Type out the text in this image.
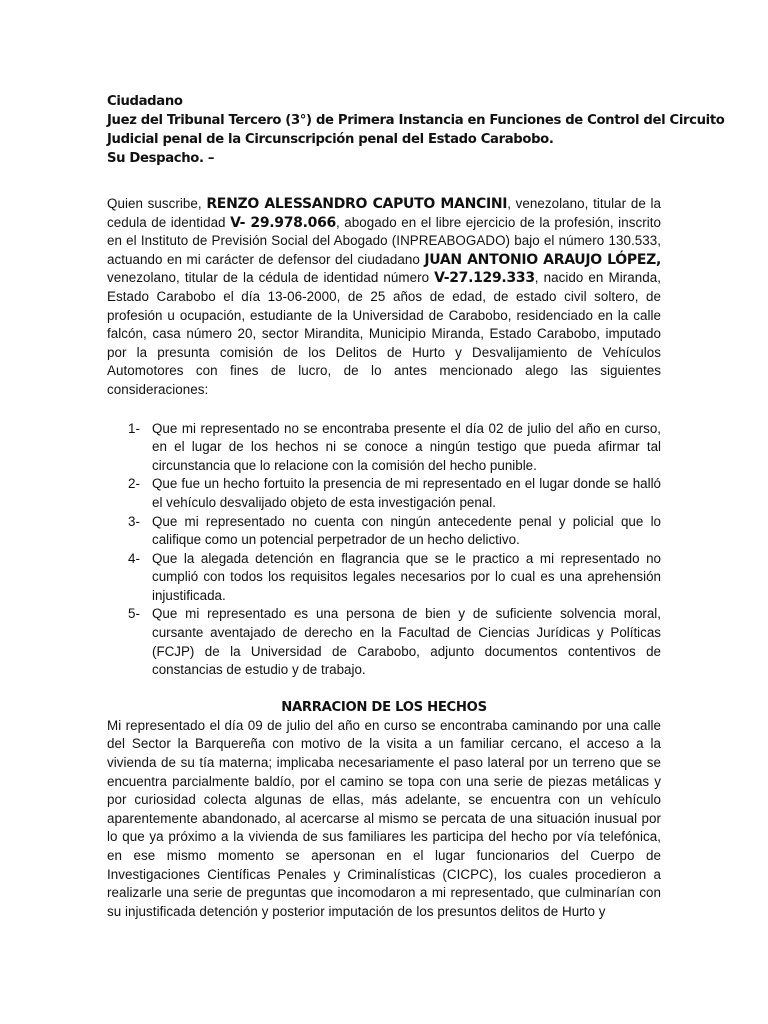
Ciudadano
Juez del Tribunal Tercero (3°) de Primera Instancia en Funciones de Control del Circuito
Judicial penal de la Circunscripción penal del Estado Carabobo.
Su Despacho. –

Quien suscribe, RENZO ALESSANDRO CAPUTO MANCINI, venezolano, titular de la cedula de identidad V- 29.978.066, abogado en el libre ejercicio de la profesión, inscrito en el Instituto de Previsión Social del Abogado (INPREABOGADO) bajo el número 130.533, actuando en mi carácter de defensor del ciudadano JUAN ANTONIO ARAUJO LÓPEZ, venezolano, titular de la cédula de identidad número V-27.129.333, nacido en Miranda, Estado Carabobo el día 13-06-2000, de 25 años de edad, de estado civil soltero, de profesión u ocupación, estudiante de la Universidad de Carabobo, residenciado en la calle falcón, casa número 20, sector Mirandita, Municipio Miranda, Estado Carabobo, imputado por la presunta comisión de los Delitos de Hurto y Desvalijamiento de Vehículos Automotores con fines de lucro, de lo antes mencionado alego las siguientes consideraciones:

1- Que mi representado no se encontraba presente el día 02 de julio del año en curso, en el lugar de los hechos ni se conoce a ningún testigo que pueda afirmar tal circunstancia que lo relacione con la comisión del hecho punible.
2- Que fue un hecho fortuito la presencia de mi representado en el lugar donde se halló el vehículo desvalijado objeto de esta investigación penal.
3- Que mi representado no cuenta con ningún antecedente penal y policial que lo califique como un potencial perpetrador de un hecho delictivo.
4- Que la alegada detención en flagrancia que se le practico a mi representado no cumplió con todos los requisitos legales necesarios por lo cual es una aprehensión injustificada.
5- Que mi representado es una persona de bien y de suficiente solvencia moral, cursante aventajado de derecho en la Facultad de Ciencias Jurídicas y Políticas (FCJP) de la Universidad de Carabobo, adjunto documentos contentivos de constancias de estudio y de trabajo.
NARRACION DE LOS HECHOS

Mi representado el día 09 de julio del año en curso se encontraba caminando por una calle del Sector la Barquereña con motivo de la visita a un familiar cercano, el acceso a la vivienda de su tía materna; implicaba necesariamente el paso lateral por un terreno que se encuentra parcialmente baldío, por el camino se topa con una serie de piezas metálicas y por curiosidad colecta algunas de ellas, más adelante, se encuentra con un vehículo aparentemente abandonado, al acercarse al mismo se percata de una situación inusual por lo que ya próximo a la vivienda de sus familiares les participa del hecho por vía telefónica, en ese mismo momento se apersonan en el lugar funcionarios del Cuerpo de Investigaciones Científicas Penales y Criminalísticas (CICPC), los cuales procedieron a realizarle una serie de preguntas que incomodaron a mi representado, que culminarían con su injustificada detención y posterior imputación de los presuntos delitos de Hurto y
